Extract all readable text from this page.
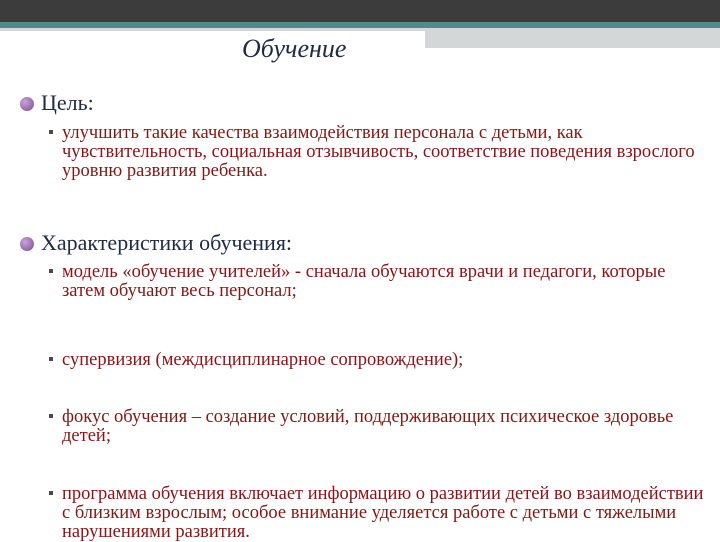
Обучение
Цель:
улучшить такие качества взаимодействия персонала с детьми, как чувствительность, социальная отзывчивость, соответствие поведения взрослого уровню развития ребенка.
Характеристики обучения:
модель «обучение учителей» - сначала обучаются врачи и педагоги, которые затем обучают весь персонал;
супервизия (междисциплинарное сопровождение);
фокус обучения – создание условий, поддерживающих психическое здоровье детей;
программа обучения включает информацию о развитии детей во взаимодействии с близким взрослым; особое внимание уделяется работе с детьми с тяжелыми нарушениями развития.
